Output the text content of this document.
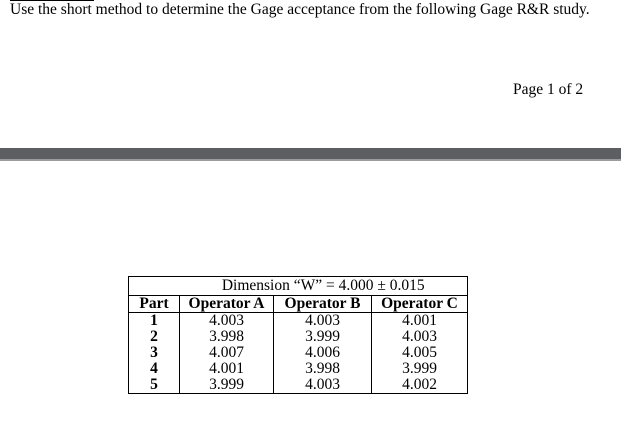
Use the short method to determine the Gage acceptance from the following Gage R&R study.
Page 1 of 2
	Dimension “W” = 4.000 ± 0.015		
Part	Operator A	Operator B	Operator C
1	4.003	4.003	4.001
2	3.998	3.999	4.003
3	4.007	4.006	4.005
4	4.001	3.998	3.999
5	3.999	4.003	4.002
